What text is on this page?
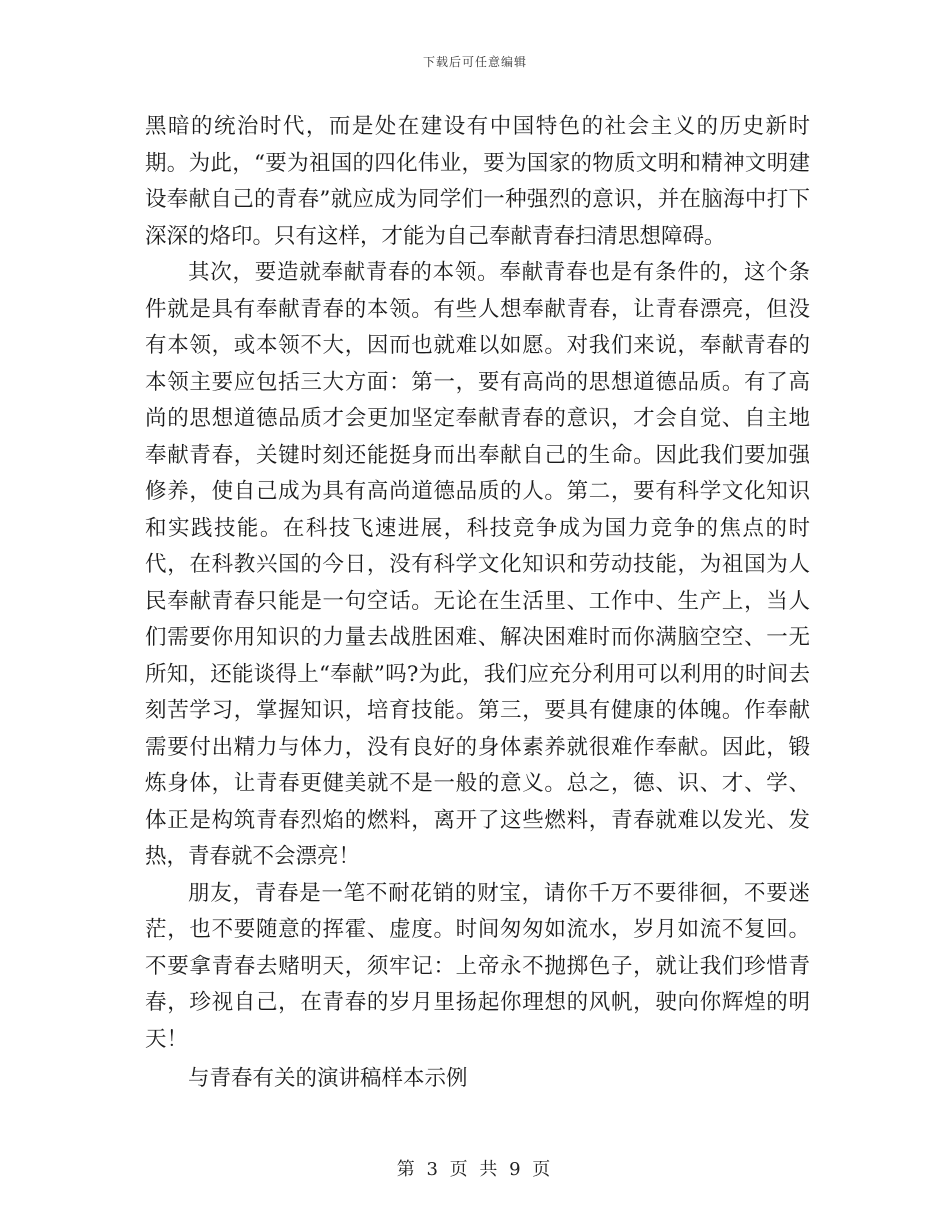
下载后可任意编辑

黑暗的统治时代，而是处在建设有中国特色的社会主义的历史新时期。为此，“要为祖国的四化伟业，要为国家的物质文明和精神文明建设奉献自己的青春”就应成为同学们一种强烈的意识，并在脑海中打下深深的烙印。只有这样，才能为自己奉献青春扫清思想障碍。

其次，要造就奉献青春的本领。奉献青春也是有条件的，这个条件就是具有奉献青春的本领。有些人想奉献青春，让青春漂亮，但没有本领，或本领不大，因而也就难以如愿。对我们来说，奉献青春的本领主要应包括三大方面：第一，要有高尚的思想道德品质。有了高尚的思想道德品质才会更加坚定奉献青春的意识，才会自觉、自主地奉献青春，关键时刻还能挺身而出奉献自己的生命。因此我们要加强修养，使自己成为具有高尚道德品质的人。第二，要有科学文化知识和实践技能。在科技飞速进展，科技竞争成为国力竞争的焦点的时代，在科教兴国的今日，没有科学文化知识和劳动技能，为祖国为人民奉献青春只能是一句空话。无论在生活里、工作中、生产上，当人们需要你用知识的力量去战胜困难、解决困难时而你满脑空空、一无所知，还能谈得上“奉献”吗?为此，我们应充分利用可以利用的时间去刻苦学习，掌握知识，培育技能。第三，要具有健康的体魄。作奉献需要付出精力与体力，没有良好的身体素养就很难作奉献。因此，锻炼身体，让青春更健美就不是一般的意义。总之，德、识、才、学、体正是构筑青春烈焰的燃料，离开了这些燃料，青春就难以发光、发热，青春就不会漂亮！

朋友，青春是一笔不耐花销的财宝，请你千万不要徘徊，不要迷茫，也不要随意的挥霍、虚度。时间匆匆如流水，岁月如流不复回。不要拿青春去赌明天，须牢记：上帝永不抛掷色子，就让我们珍惜青春，珍视自己，在青春的岁月里扬起你理想的风帆，驶向你辉煌的明天！

与青春有关的演讲稿样本示例

第 3 页 共 9 页
